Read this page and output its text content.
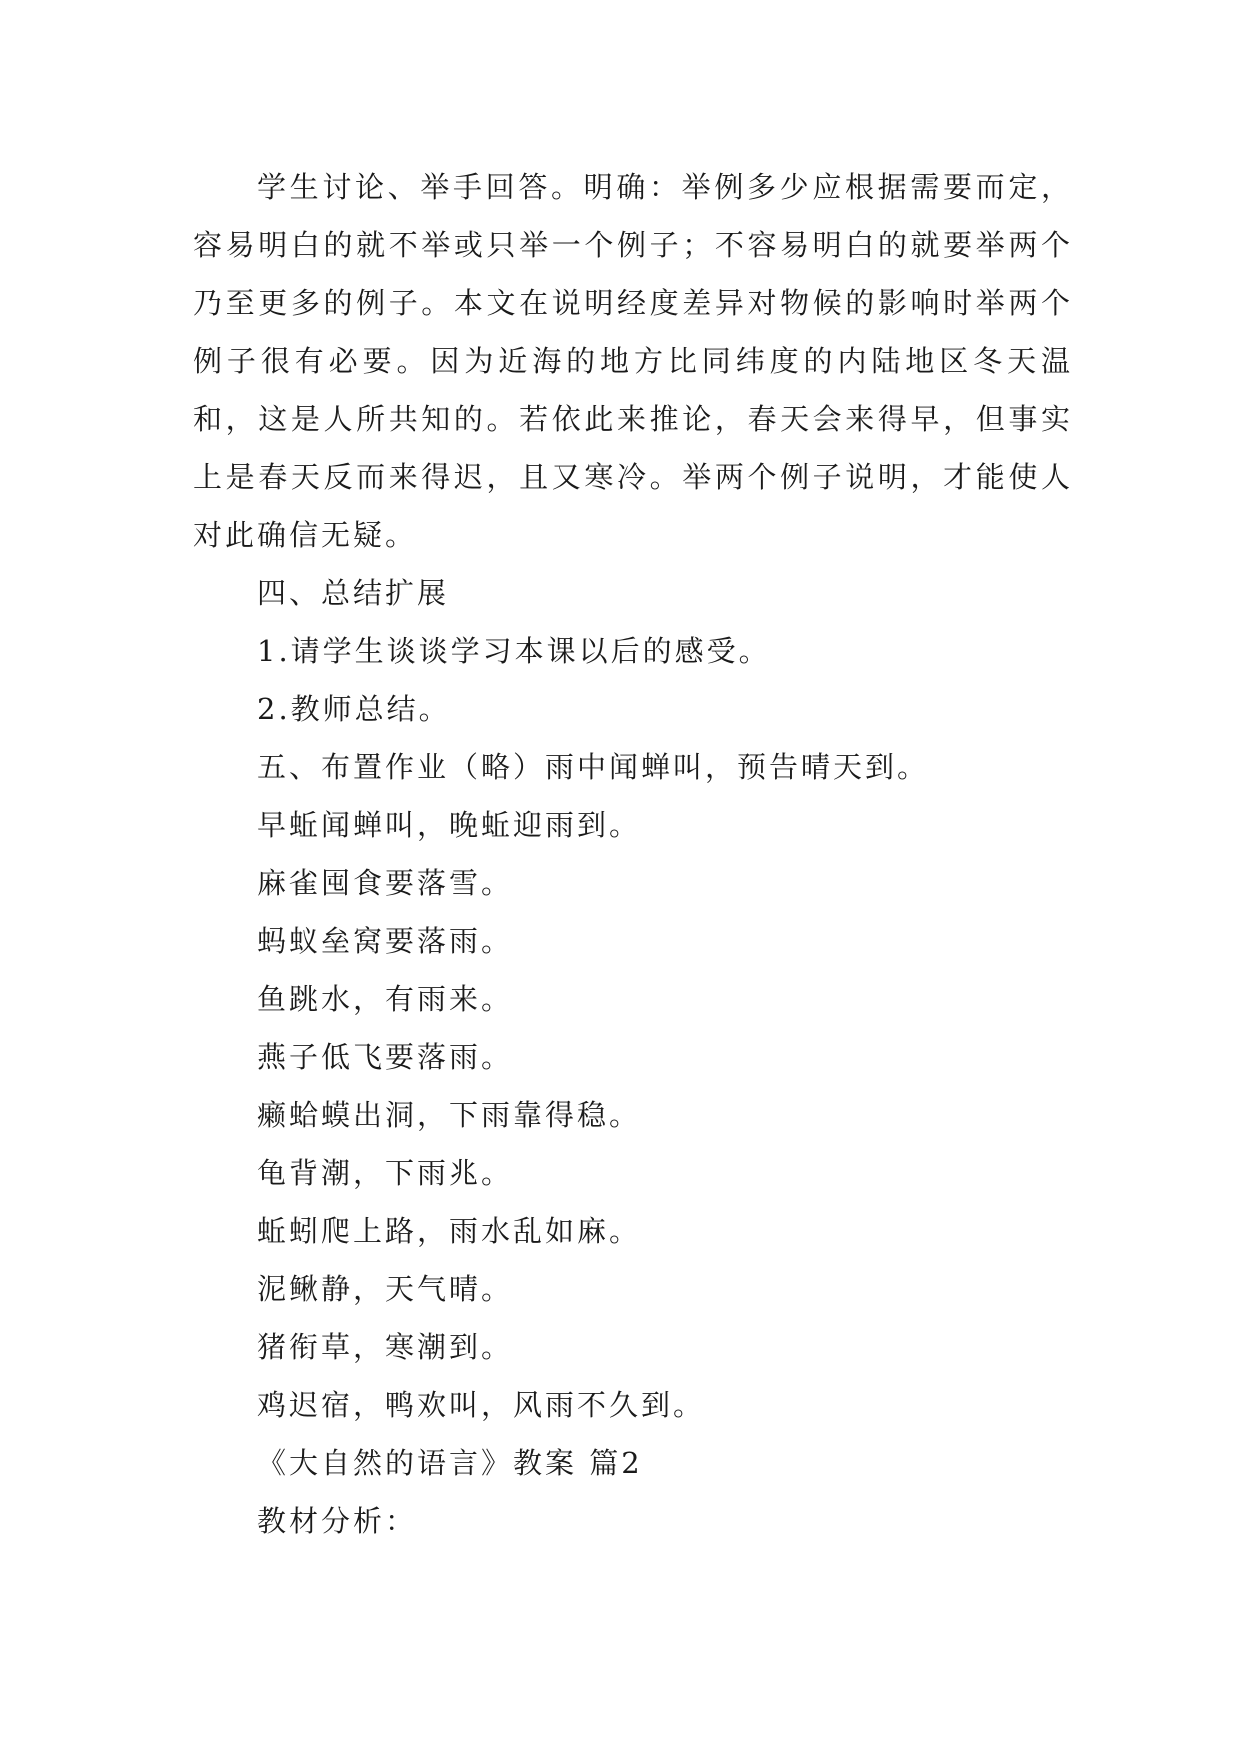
学生讨论、举手回答。明确：举例多少应根据需要而定，容易明白的就不举或只举一个例子；不容易明白的就要举两个乃至更多的例子。本文在说明经度差异对物候的影响时举两个例子很有必要。因为近海的地方比同纬度的内陆地区冬天温和，这是人所共知的。若依此来推论，春天会来得早，但事实上是春天反而来得迟，且又寒冷。举两个例子说明，才能使人对此确信无疑。

四、总结扩展

1.请学生谈谈学习本课以后的感受。

2.教师总结。

五、布置作业（略）雨中闻蝉叫，预告晴天到。

早蚯闻蝉叫，晚蚯迎雨到。

麻雀囤食要落雪。

蚂蚁垒窝要落雨。

鱼跳水，有雨来。

燕子低飞要落雨。

癞蛤蟆出洞，下雨靠得稳。

龟背潮，下雨兆。

蚯蚓爬上路，雨水乱如麻。

泥鳅静，天气晴。

猪衔草，寒潮到。

鸡迟宿，鸭欢叫，风雨不久到。

《大自然的语言》教案 篇2

教材分析：
